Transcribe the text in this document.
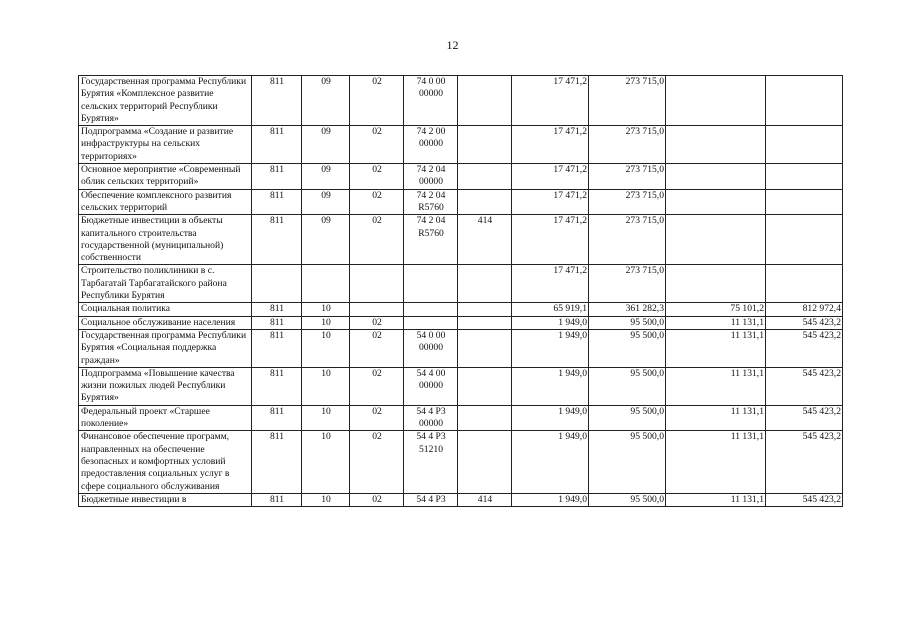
12
Государственная программа Республики Бурятия «Комплексное развитие сельских территорий Республики Бурятия»	811	09	02	74 0 00 00000		17 471,2	273 715,0		
Подпрограмма «Создание и развитие инфраструктуры на сельских территориях»	811	09	02	74 2 00 00000		17 471,2	273 715,0		
Основное мероприятие «Современный облик сельских территорий»	811	09	02	74 2 04 00000		17 471,2	273 715,0		
Обеспечение комплексного развития сельских территорий	811	09	02	74 2 04 R5760		17 471,2	273 715,0		
Бюджетные инвестиции в объекты капитального строительства государственной (муниципальной) собственности	811	09	02	74 2 04 R5760	414	17 471,2	273 715,0		
Строительство поликлиники в с. Тарбагатай Тарбагатайского района Республики Бурятия						17 471,2	273 715,0		
Социальная политика	811	10				65 919,1	361 282,3	75 101,2	812 972,4
Социальное обслуживание населения	811	10	02			1 949,0	95 500,0	11 131,1	545 423,2
Государственная программа Республики Бурятия «Социальная поддержка граждан»	811	10	02	54 0 00 00000		1 949,0	95 500,0	11 131,1	545 423,2
Подпрограмма «Повышение качества жизни пожилых людей Республики Бурятия»	811	10	02	54 4 00 00000		1 949,0	95 500,0	11 131,1	545 423,2
Федеральный проект «Старшее поколение»	811	10	02	54 4 P3 00000		1 949,0	95 500,0	11 131,1	545 423,2
Финансовое обеспечение программ, направленных на обеспечение безопасных и комфортных условий предоставления социальных услуг в сфере социального обслуживания	811	10	02	54 4 P3 51210		1 949,0	95 500,0	11 131,1	545 423,2
Бюджетные инвестиции в	811	10	02	54 4 P3	414	1 949,0	95 500,0	11 131,1	545 423,2
